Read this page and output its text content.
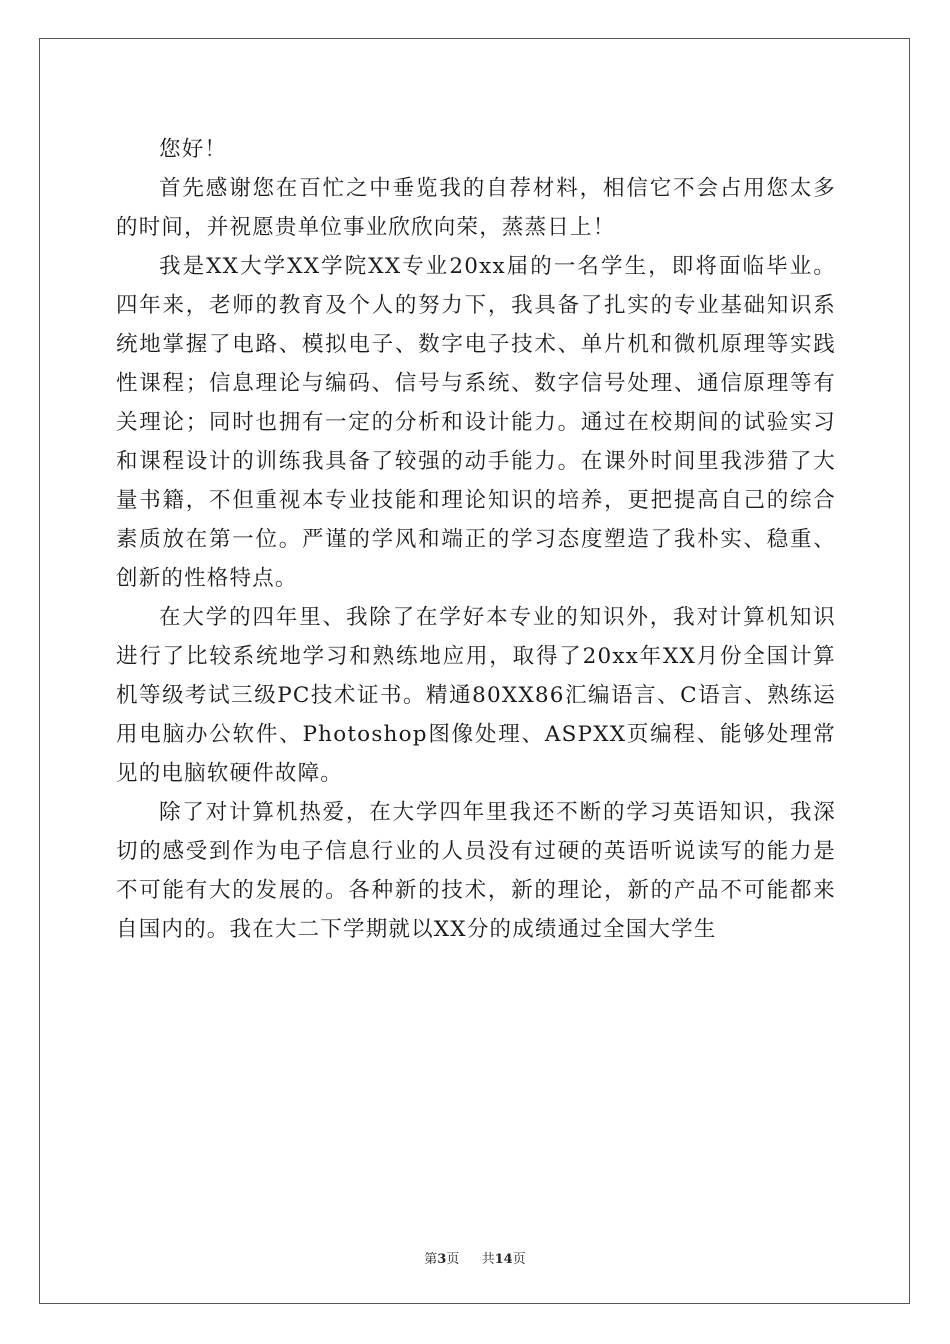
您好！

首先感谢您在百忙之中垂览我的自荐材料，相信它不会占用您太多的时间，并祝愿贵单位事业欣欣向荣，蒸蒸日上！

我是XX大学XX学院XX专业20xx届的一名学生，即将面临毕业。四年来，老师的教育及个人的努力下，我具备了扎实的专业基础知识系统地掌握了电路、模拟电子、数字电子技术、单片机和微机原理等实践性课程；信息理论与编码、信号与系统、数字信号处理、通信原理等有关理论；同时也拥有一定的分析和设计能力。通过在校期间的试验实习和课程设计的训练我具备了较强的动手能力。在课外时间里我涉猎了大量书籍，不但重视本专业技能和理论知识的培养，更把提高自己的综合素质放在第一位。严谨的学风和端正的学习态度塑造了我朴实、稳重、创新的性格特点。

在大学的四年里、我除了在学好本专业的知识外，我对计算机知识进行了比较系统地学习和熟练地应用，取得了20xx年XX月份全国计算机等级考试三级PC技术证书。精通80XX86汇编语言、C语言、熟练运用电脑办公软件、Photoshop图像处理、ASPXX页编程、能够处理常见的电脑软硬件故障。

除了对计算机热爱，在大学四年里我还不断的学习英语知识，我深切的感受到作为电子信息行业的人员没有过硬的英语听说读写的能力是不可能有大的发展的。各种新的技术，新的理论，新的产品不可能都来自国内的。我在大二下学期就以XX分的成绩通过全国大学生

第3页 共14页
